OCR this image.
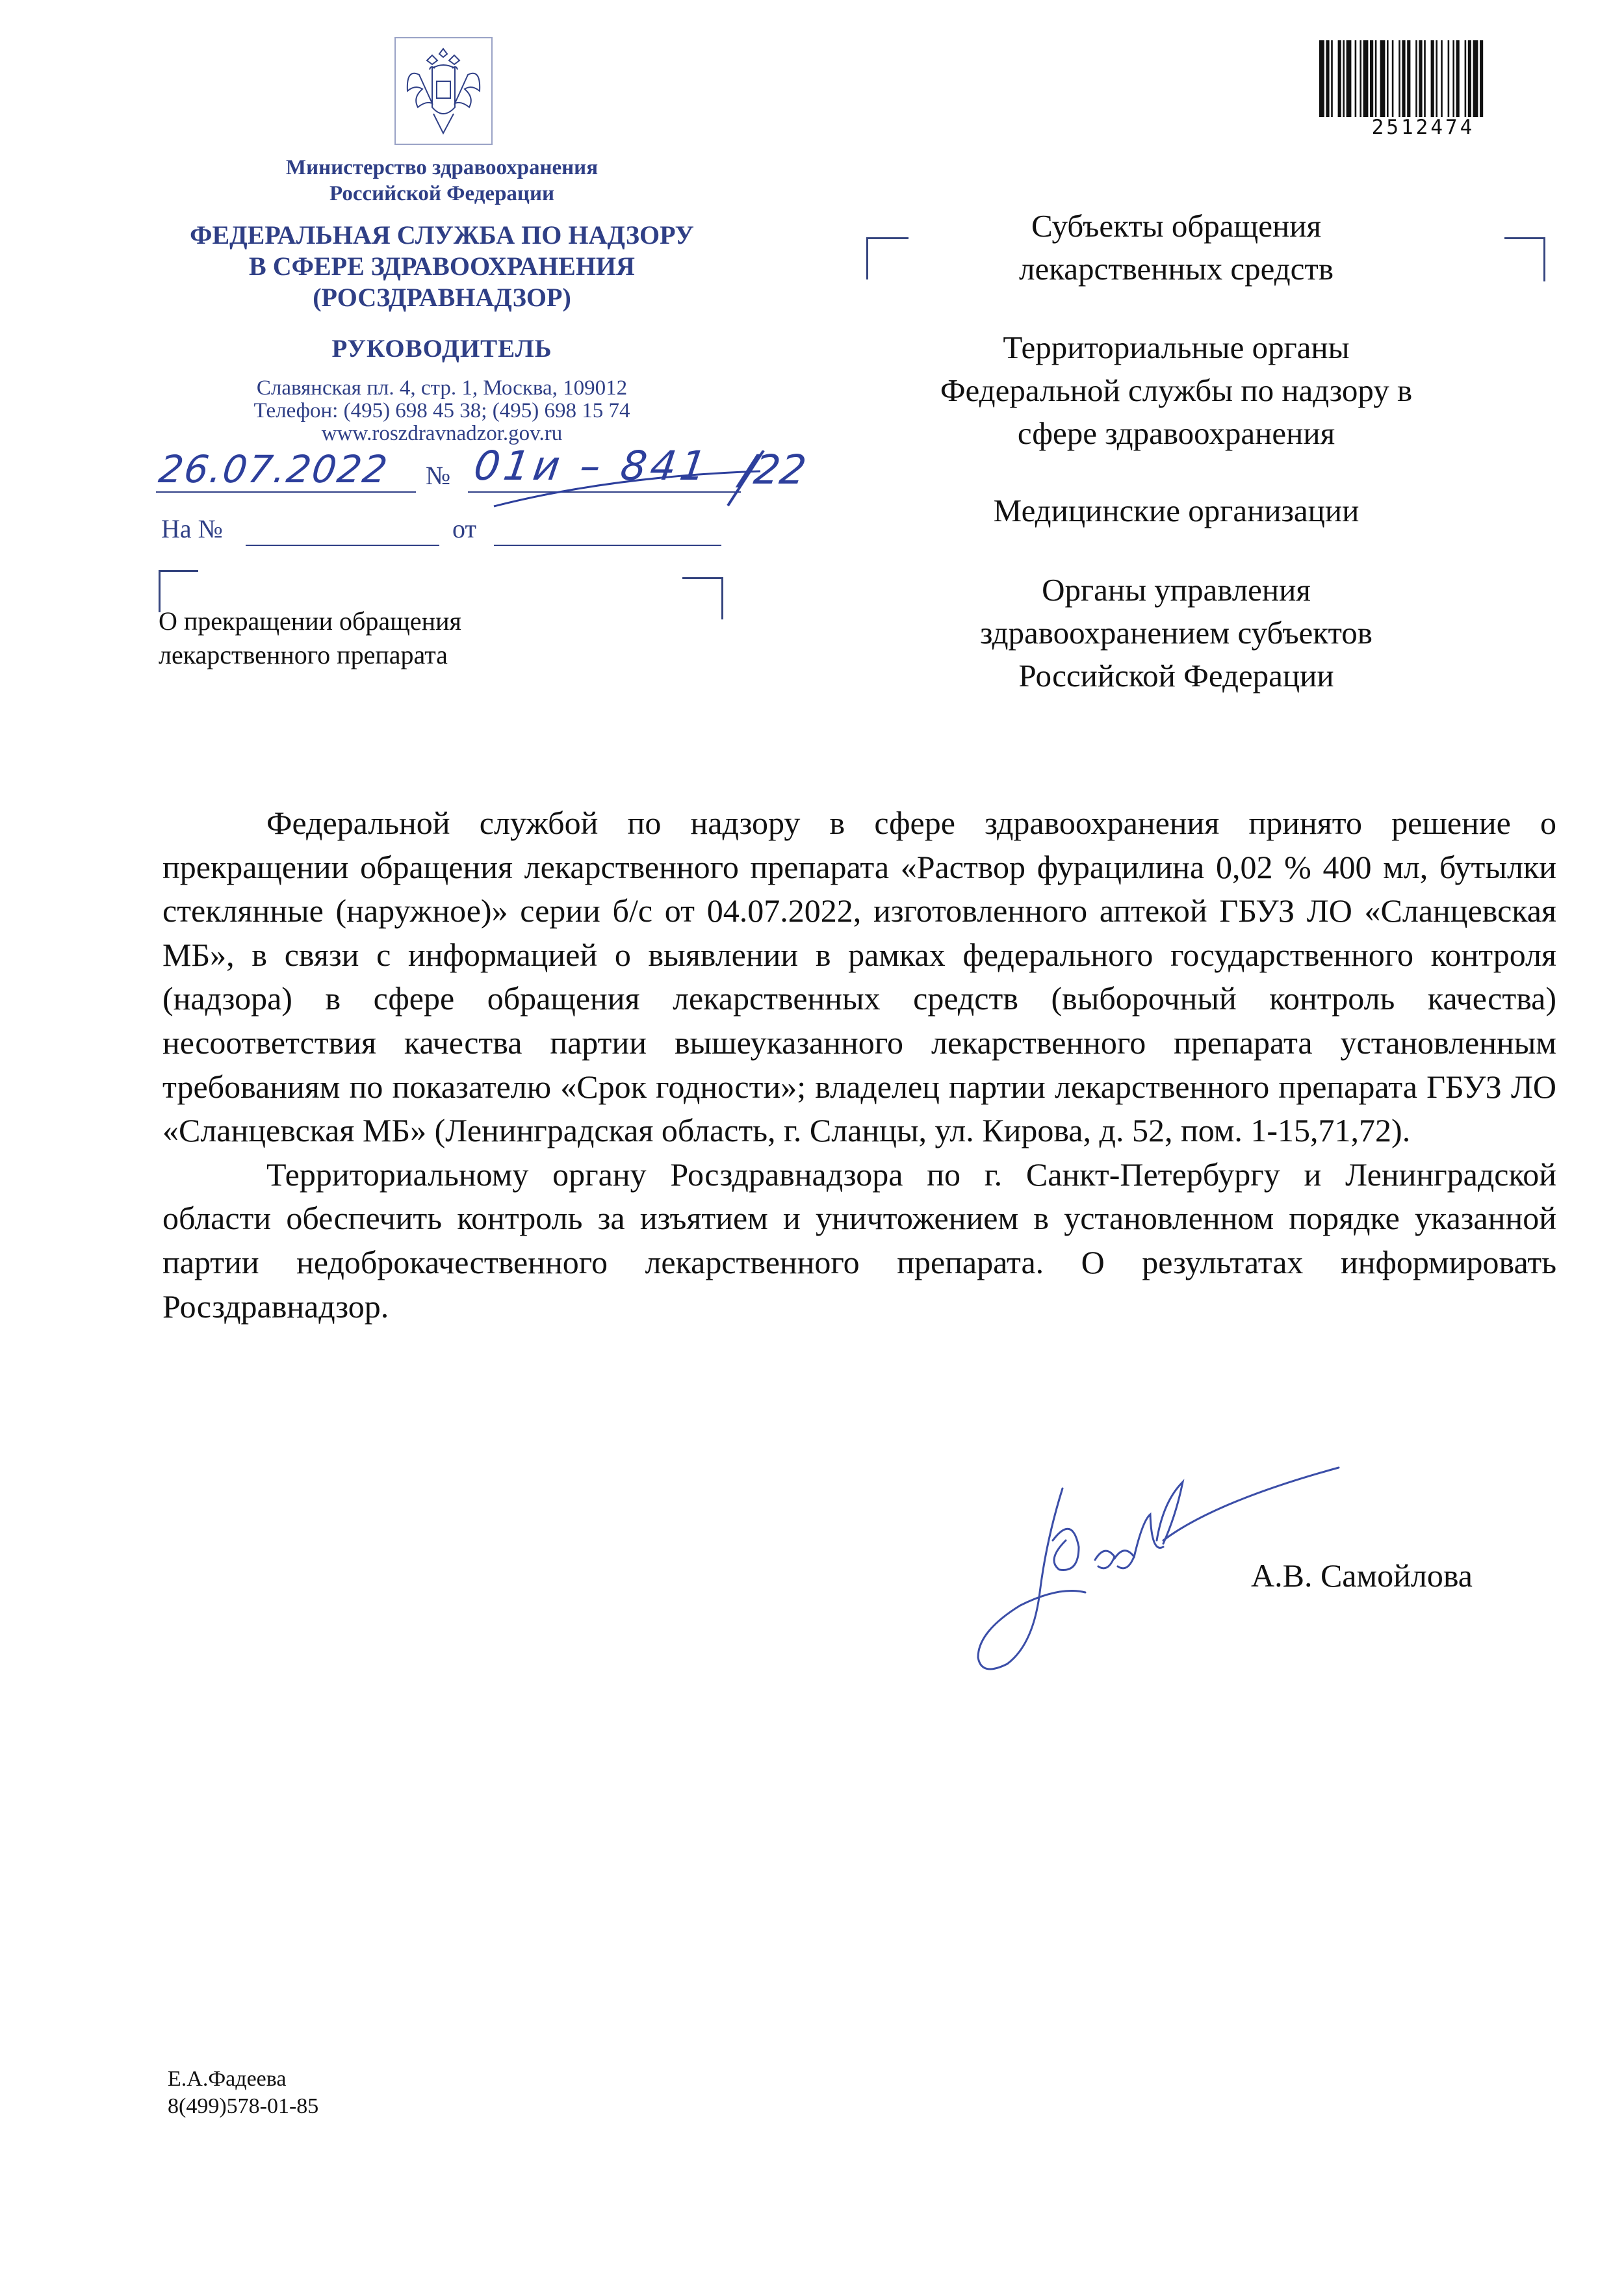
Министерство здравоохранения
Российской Федерации
ФЕДЕРАЛЬНАЯ СЛУЖБА ПО НАДЗОРУ
В СФЕРЕ ЗДРАВООХРАНЕНИЯ
(РОСЗДРАВНАДЗОР)
РУКОВОДИТЕЛЬ
Славянская пл. 4, стр. 1, Москва, 109012
Телефон: (495) 698 45 38; (495) 698 15 74
www.roszdravnadzor.gov.ru
26.07.2022 № 01и – 841 /22
На №	от
О прекращении обращения
лекарственного препарата
2512474
Субъекты обращения
лекарственных средств
Территориальные органы
Федеральной службы по надзору в
сфере здравоохранения
Медицинские организации
Органы управления
здравоохранением субъектов
Российской Федерации

Федеральной службой по надзору в сфере здравоохранения принято решение о прекращении обращения лекарственного препарата «Раствор фурацилина 0,02 % 400 мл, бутылки стеклянные (наружное)» серии б/с от 04.07.2022, изготовленного аптекой ГБУЗ ЛО «Сланцевская МБ», в связи с информацией о выявлении в рамках федерального государственного контроля (надзора) в сфере обращения лекарственных средств (выборочный контроль качества) несоответствия качества партии вышеуказанного лекарственного препарата установленным требованиям по показателю «Срок годности»; владелец партии лекарственного препарата ГБУЗ ЛО «Сланцевская МБ» (Ленинградская область, г. Сланцы, ул. Кирова, д. 52, пом. 1-15,71,72).

Территориальному органу Росздравнадзора по г. Санкт-Петербургу и Ленинградской области обеспечить контроль за изъятием и уничтожением в установленном порядке указанной партии недоброкачественного лекарственного препарата. О результатах информировать Росздравнадзор.

А.В. Самойлова
Е.А.Фадеева
8(499)578-01-85
